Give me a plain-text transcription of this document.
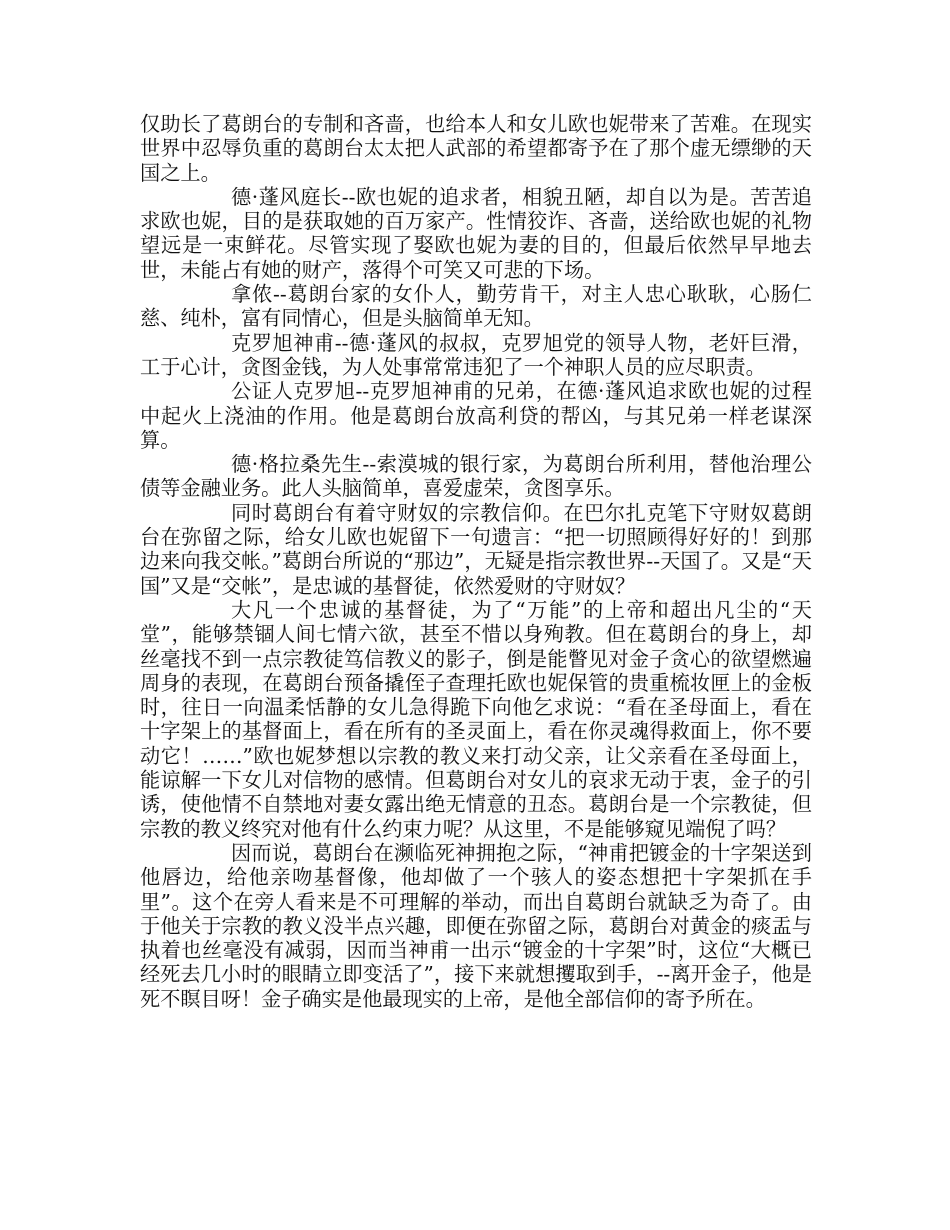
仅助长了葛朗台的专制和吝啬，也给本人和女儿欧也妮带来了苦难。在现实世界中忍辱负重的葛朗台太太把人武部的希望都寄予在了那个虚无缥缈的天国之上。

德·蓬风庭长--欧也妮的追求者，相貌丑陋，却自以为是。苦苦追求欧也妮，目的是获取她的百万家产。性情狡诈、吝啬，送给欧也妮的礼物望远是一束鲜花。尽管实现了娶欧也妮为妻的目的，但最后依然早早地去世，未能占有她的财产，落得个可笑又可悲的下场。

拿侬--葛朗台家的女仆人，勤劳肯干，对主人忠心耿耿，心肠仁慈、纯朴，富有同情心，但是头脑简单无知。

克罗旭神甫--德·蓬风的叔叔，克罗旭党的领导人物，老奸巨滑，工于心计，贪图金钱，为人处事常常违犯了一个神职人员的应尽职责。

公证人克罗旭--克罗旭神甫的兄弟，在德·蓬风追求欧也妮的过程中起火上浇油的作用。他是葛朗台放高利贷的帮凶，与其兄弟一样老谋深算。

德·格拉桑先生--索漠城的银行家，为葛朗台所利用，替他治理公债等金融业务。此人头脑简单，喜爱虚荣，贪图享乐。

同时葛朗台有着守财奴的宗教信仰。在巴尔扎克笔下守财奴葛朗台在弥留之际，给女儿欧也妮留下一句遗言：“把一切照顾得好好的！到那边来向我交帐。”葛朗台所说的“那边”，无疑是指宗教世界--天国了。又是“天国”又是“交帐”，是忠诚的基督徒，依然爱财的守财奴？

大凡一个忠诚的基督徒，为了“万能”的上帝和超出凡尘的“天堂”，能够禁锢人间七情六欲，甚至不惜以身殉教。但在葛朗台的身上，却丝毫找不到一点宗教徒笃信教义的影子，倒是能瞥见对金子贪心的欲望燃遍周身的表现，在葛朗台预备撬侄子查理托欧也妮保管的贵重梳妆匣上的金板时，往日一向温柔恬静的女儿急得跪下向他乞求说：“看在圣母面上，看在十字架上的基督面上，看在所有的圣灵面上，看在你灵魂得救面上，你不要动它！……”欧也妮梦想以宗教的教义来打动父亲，让父亲看在圣母面上，能谅解一下女儿对信物的感情。但葛朗台对女儿的哀求无动于衷，金子的引诱，使他情不自禁地对妻女露出绝无情意的丑态。葛朗台是一个宗教徒，但宗教的教义终究对他有什么约束力呢？从这里，不是能够窥见端倪了吗？

因而说，葛朗台在濒临死神拥抱之际，“神甫把镀金的十字架送到他唇边，给他亲吻基督像，他却做了一个骇人的姿态想把十字架抓在手里”。这个在旁人看来是不可理解的举动，而出自葛朗台就缺乏为奇了。由于他关于宗教的教义没半点兴趣，即便在弥留之际，葛朗台对黄金的痰盂与执着也丝毫没有减弱，因而当神甫一出示“镀金的十字架”时，这位“大概已经死去几小时的眼睛立即变活了”，接下来就想攫取到手，--离开金子，他是死不瞑目呀！金子确实是他最现实的上帝，是他全部信仰的寄予所在。
